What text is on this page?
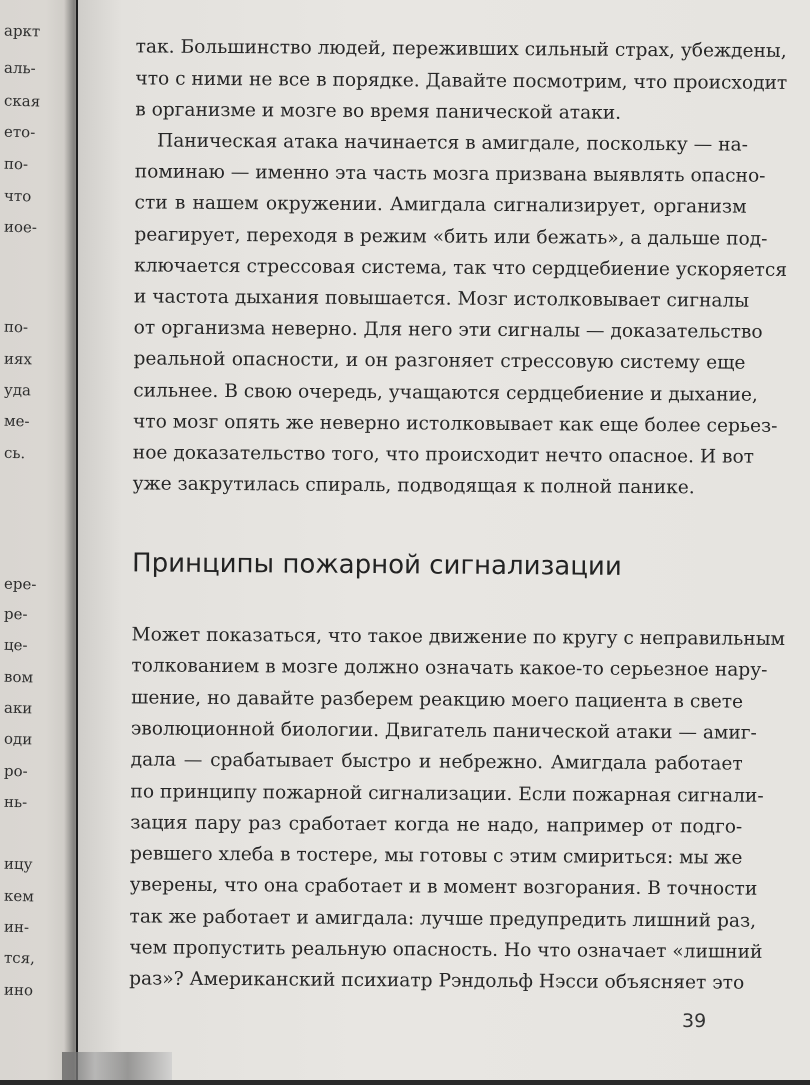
аркт
аль-
ская
ето-
по-
что
иое-
по-
иях
уда
ме-
сь.
ере-
ре-
це-
вом
аки
оди
ро-
нь-
ицу
кем
ин-
тся,
ино
так. Большинство людей, переживших сильный страх, убеждены,
что с ними не все в порядке. Давайте посмотрим, что происходит
в организме и мозге во время панической атаки.
Паническая атака начинается в амигдале, поскольку — на-
поминаю — именно эта часть мозга призвана выявлять опасно-
сти в нашем окружении. Амигдала сигнализирует, организм
реагирует, переходя в режим «бить или бежать», а дальше под-
ключается стрессовая система, так что сердцебиение ускоряется
и частота дыхания повышается. Мозг истолковывает сигналы
от организма неверно. Для него эти сигналы — доказательство
реальной опасности, и он разгоняет стрессовую систему еще
сильнее. В свою очередь, учащаются сердцебиение и дыхание,
что мозг опять же неверно истолковывает как еще более серьез-
ное доказательство того, что происходит нечто опасное. И вот
уже закрутилась спираль, подводящая к полной панике.
Принципы пожарной сигнализации
Может показаться, что такое движение по кругу с неправильным
толкованием в мозге должно означать какое-то серьезное нару-
шение, но давайте разберем реакцию моего пациента в свете
эволюционной биологии. Двигатель панической атаки — амиг-
дала — срабатывает быстро и небрежно. Амигдала работает
по принципу пожарной сигнализации. Если пожарная сигнали-
зация пару раз сработает когда не надо, например от подго-
ревшего хлеба в тостере, мы готовы с этим смириться: мы же
уверены, что она сработает и в момент возгорания. В точности
так же работает и амигдала: лучше предупредить лишний раз,
чем пропустить реальную опасность. Но что означает «лишний
раз»? Американский психиатр Рэндольф Нэсси объясняет это
39
